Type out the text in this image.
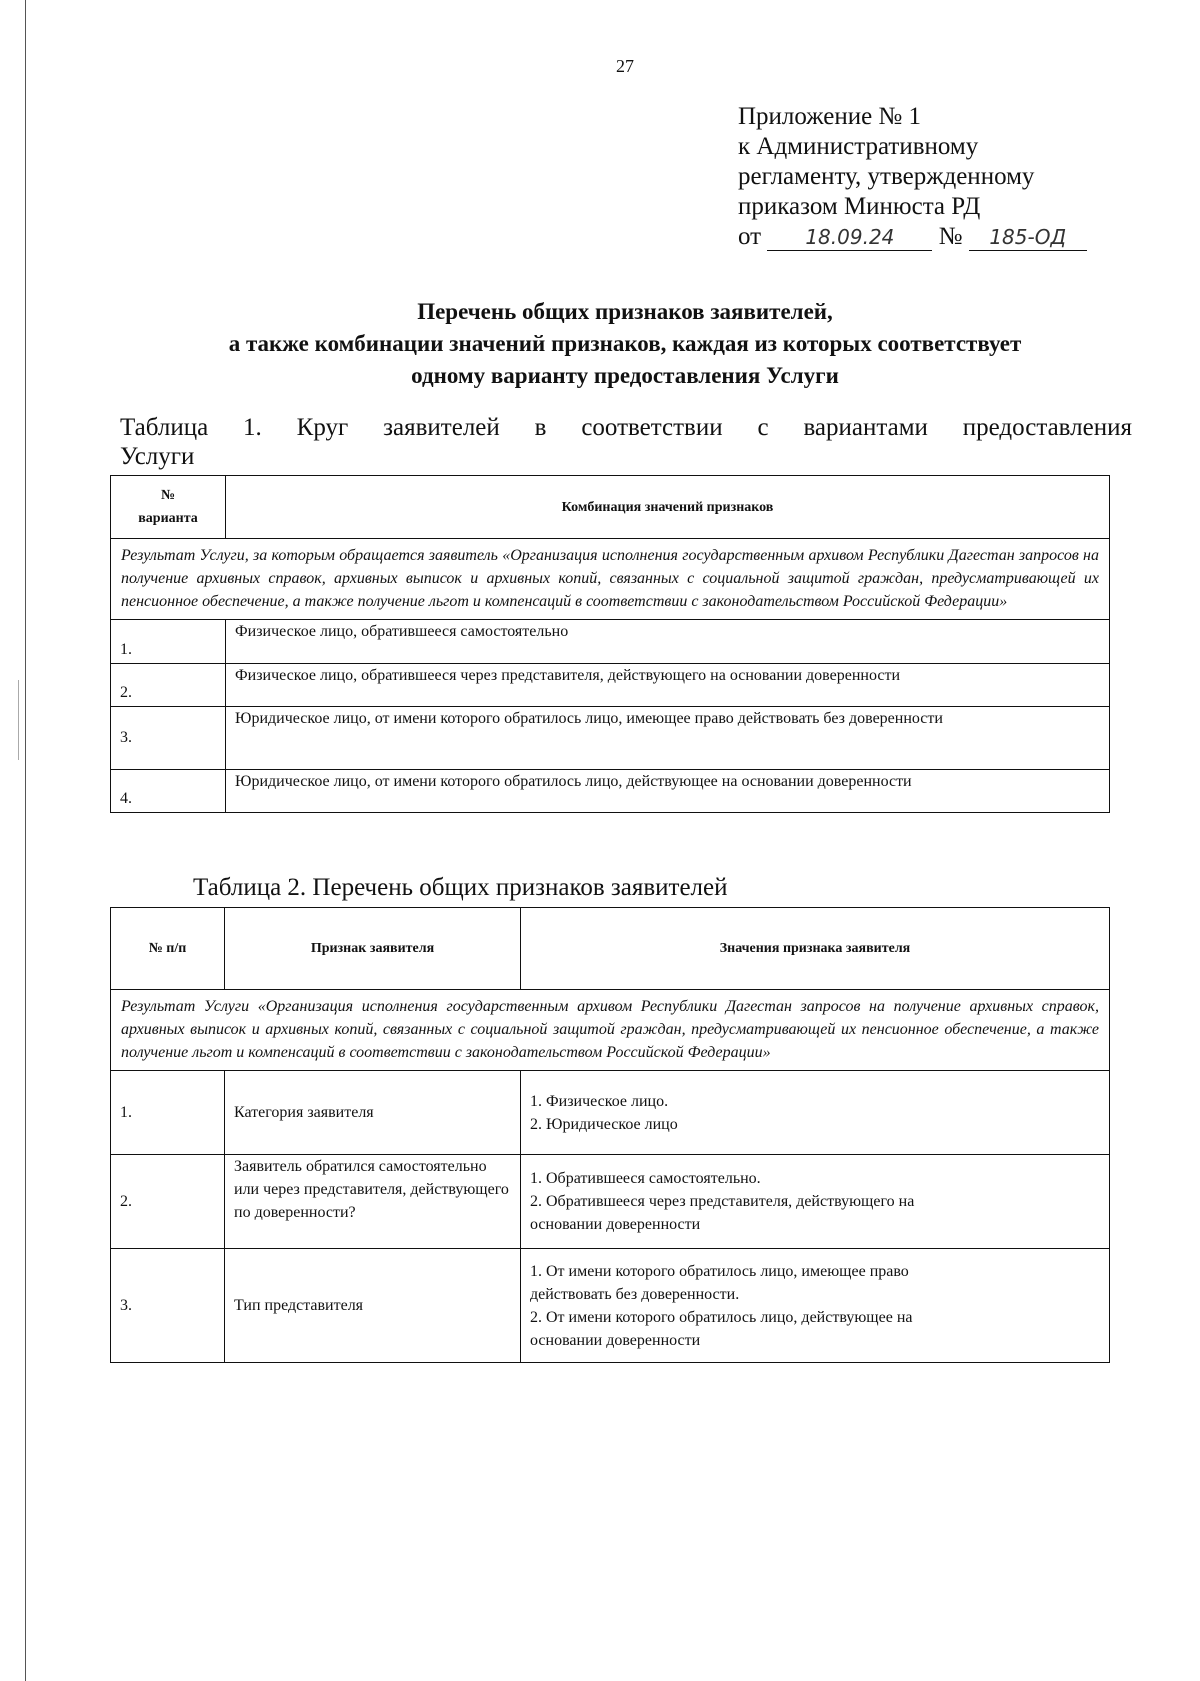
27
Приложение № 1
к Административному
регламенту, утвержденному
приказом Минюста РД
от 18.09.24 № 185-ОД
Перечень общих признаков заявителей,
а также комбинации значений признаков, каждая из которых соответствует
одному варианту предоставления Услуги
Таблица 1. Круг заявителей в соответствии с вариантами предоставления
Услуги
№
варианта	Комбинация значений признаков
Результат Услуги, за которым обращается заявитель «Организация исполнения государственным архивом Республики Дагестан запросов на получение архивных справок, архивных выписок и архивных копий, связанных с социальной защитой граждан, предусматривающей их пенсионное обеспечение, а также получение льгот и компенсаций в соответствии с законодательством Российской Федерации»	
1.	Физическое лицо, обратившееся самостоятельно
2.	Физическое лицо, обратившееся через представителя, действующего на основании доверенности
3.	Юридическое лицо, от имени которого обратилось лицо, имеющее право действовать без доверенности
4.	Юридическое лицо, от имени которого обратилось лицо, действующее на основании доверенности
Таблица 2. Перечень общих признаков заявителей
№ п/п	Признак заявителя	Значения признака заявителя
Результат Услуги «Организация исполнения государственным архивом Республики Дагестан запросов на получение архивных справок, архивных выписок и архивных копий, связанных с социальной защитой граждан, предусматривающей их пенсионное обеспечение, а также получение льгот и компенсаций в соответствии с законодательством Российской Федерации»		
1.	Категория заявителя	1. Физическое лицо.
2. Юридическое лицо

2.	Заявитель обратился самостоятельно или через представителя, действующего по доверенности?	1. Обратившееся самостоятельно.
2. Обратившееся через представителя, действующего на
основании доверенности

3.	Тип представителя	1. От имени которого обратилось лицо, имеющее право
действовать без доверенности.
2. От имени которого обратилось лицо, действующее на
основании доверенности
